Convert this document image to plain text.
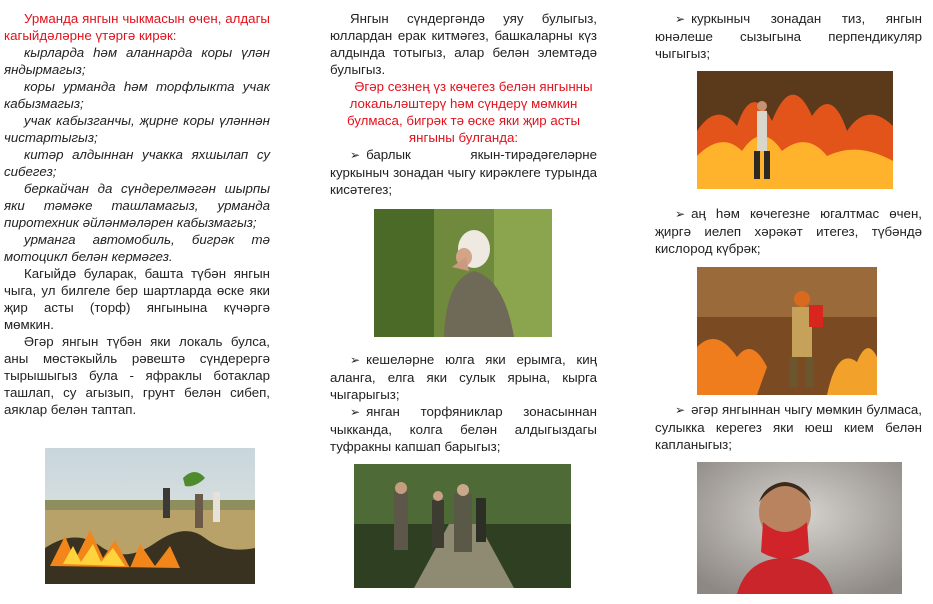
Урманда янгын чыкмасын өчен, алдагы кагыйдәләрне үтәргә кирәк:

кырларда һәм аланнарда коры үлән яндырмагыз;

коры урманда һәм торфлыкта учак кабызмагыз;

учак кабызганчы, җирне коры үләннән чистартыгыз;

китәр алдыннан учакка яхшылап су сибегез;

беркайчан да сүндерелмәгән шырпы яки тәмәке ташламагыз, урманда пиротехник әйләнмәләрен кабызмагыз;

урманга автомобиль, бигрәк тә мотоцикл белән кермәгез.

Кагыйдә буларак, башта түбән янгын чыга, ул билгеле бер шартларда өске яки җир асты (торф) янгынына күчәргә мөмкин.

Әгәр янгын түбән яки локаль булса, аны мөстәкыйль рәвештә сүндерергә тырышыгыз була - яфраклы ботаклар ташлап, су агызып, грунт белән сибеп, аяклар белән таптап.

Янгын сүндергәндә уяу булыгыз, юллардан ерак китмәгез, башкаларны күз алдында тотыгыз, алар белән элемтәдә булыгыз.

Әгәр сезнең үз көчегез белән янгынны локальләштерү һәм сүндерү мөмкин булмаса, бигрәк тә өске яки җир асты янгыны булганда:

➢ барлык якын-тирәдәгеләрне куркыныч зонадан чыгу кирәклеге турында кисәтегез;

➢ кешеләрне юлга яки ерымга, киң аланга, елга яки сулык ярына, кырга чыгарыгыз;

➢ янган торфяниклар зонасыннан чыкканда, колга белән алдыгыздагы туфракны капшап барыгыз;

➢ куркыныч зонадан тиз, янгын юнәлеше сызыгына перпендикуляр чыгыгыз;

➢ аң һәм көчегезне югалтмас өчен, җиргә иелеп хәрәкәт итегез, түбәндә кислород күбрәк;

➢ әгәр янгыннан чыгу мөмкин булмаса, сулыкка керегез яки юеш кием белән капланыгыз;
